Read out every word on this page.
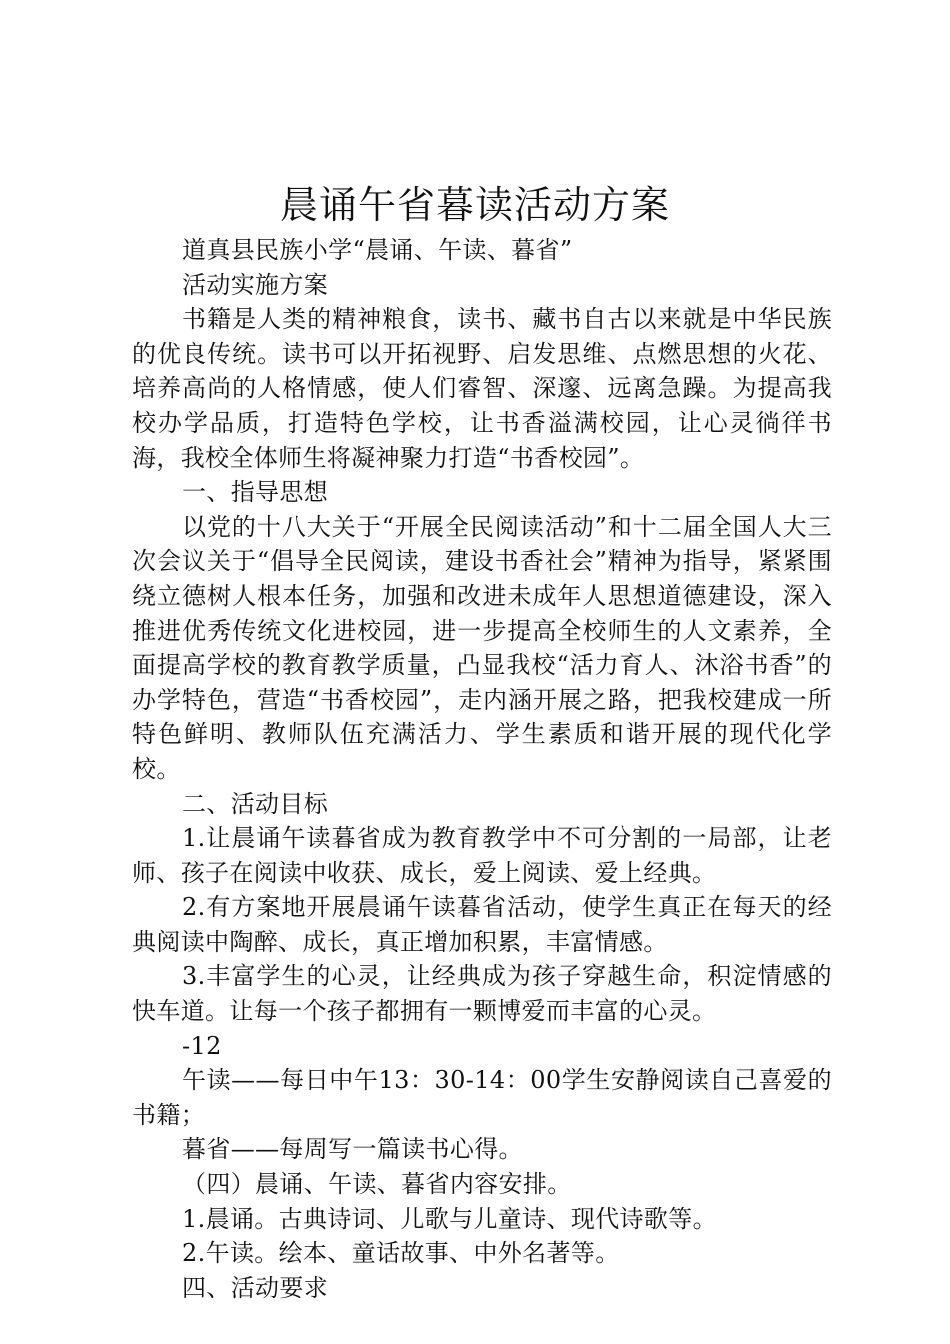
晨诵午省暮读活动方案

道真县民族小学“晨诵、午读、暮省”

活动实施方案

书籍是人类的精神粮食，读书、藏书自古以来就是中华民族的优良传统。读书可以开拓视野、启发思维、点燃思想的火花、培养高尚的人格情感，使人们睿智、深邃、远离急躁。为提高我校办学品质，打造特色学校，让书香溢满校园，让心灵徜徉书海，我校全体师生将凝神聚力打造“书香校园”。

一、指导思想

以党的十八大关于“开展全民阅读活动”和十二届全国人大三次会议关于“倡导全民阅读，建设书香社会”精神为指导，紧紧围绕立德树人根本任务，加强和改进未成年人思想道德建设，深入推进优秀传统文化进校园，进一步提高全校师生的人文素养，全面提高学校的教育教学质量，凸显我校“活力育人、沐浴书香”的办学特色，营造“书香校园”，走内涵开展之路，把我校建成一所特色鲜明、教师队伍充满活力、学生素质和谐开展的现代化学校。

二、活动目标

1.让晨诵午读暮省成为教育教学中不可分割的一局部，让老师、孩子在阅读中收获、成长，爱上阅读、爱上经典。

2.有方案地开展晨诵午读暮省活动，使学生真正在每天的经典阅读中陶醉、成长，真正增加积累，丰富情感。

3.丰富学生的心灵，让经典成为孩子穿越生命，积淀情感的快车道。让每一个孩子都拥有一颗博爱而丰富的心灵。

-12

午读——每日中午13：30-14：00学生安静阅读自己喜爱的书籍；

暮省——每周写一篇读书心得。

（四）晨诵、午读、暮省内容安排。

1.晨诵。古典诗词、儿歌与儿童诗、现代诗歌等。

2.午读。绘本、童话故事、中外名著等。

四、活动要求
